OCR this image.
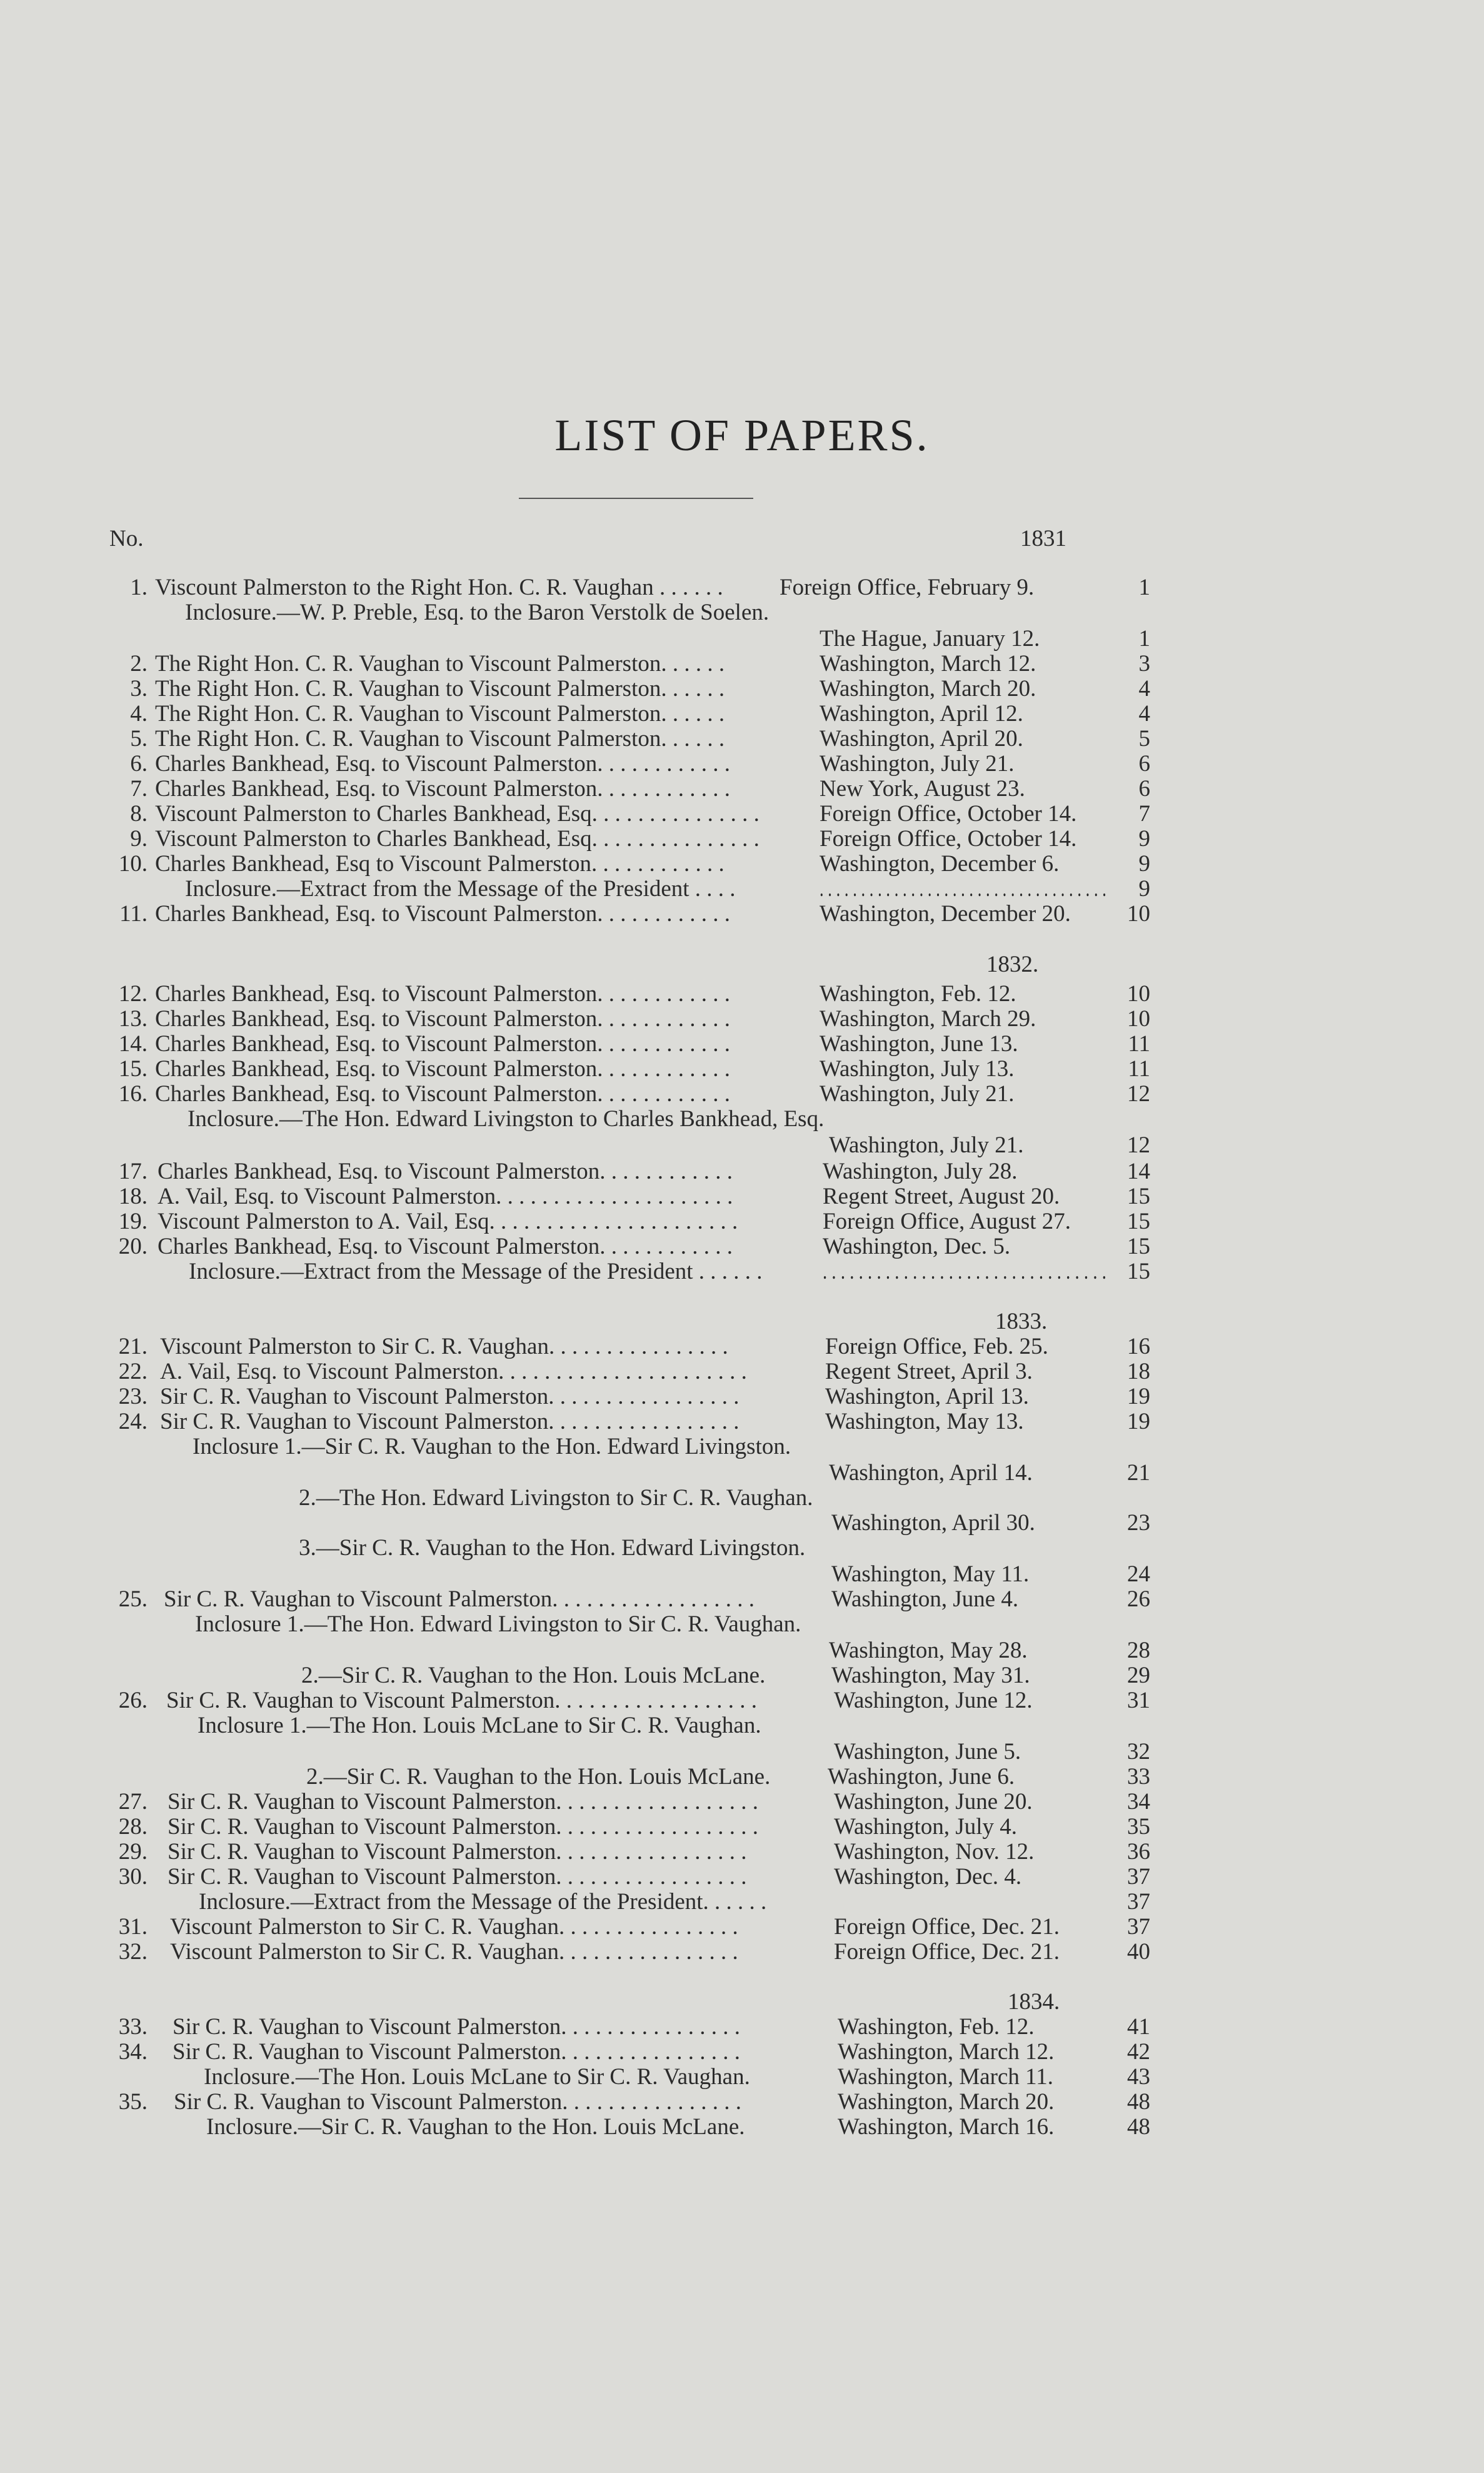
LIST OF PAPERS.
No.	1831
1. Viscount Palmerston to the Right Hon. C. R. Vaughan . . . . . . Foreign Office, February 9.	1
Inclosure.—W. P. Preble, Esq. to the Baron Verstolk de Soelen.
The Hague, January 12.	1
2. The Right Hon. C. R. Vaughan to Viscount Palmerston. . . . . .	Washington, March 12.	3
3. The Right Hon. C. R. Vaughan to Viscount Palmerston. . . . . .	Washington, March 20.	4
4. The Right Hon. C. R. Vaughan to Viscount Palmerston. . . . . .	Washington, April 12.	4
5. The Right Hon. C. R. Vaughan to Viscount Palmerston. . . . . .	Washington, April 20.	5
6. Charles Bankhead, Esq. to Viscount Palmerston. . . . . . . . . . . .	Washington, July 21.	6
7. Charles Bankhead, Esq. to Viscount Palmerston. . . . . . . . . . . .	New York, August 23.	6
8. Viscount Palmerston to Charles Bankhead, Esq. . . . . . . . . . . . . . .	Foreign Office, October 14.	7
9. Viscount Palmerston to Charles Bankhead, Esq. . . . . . . . . . . . . . .	Foreign Office, October 14.	9
10. Charles Bankhead, Esq to Viscount Palmerston. . . . . . . . . . . .	Washington, December 6.	9
Inclosure.—Extract from the Message of the President . . . .	. . . . . . . . . . . . . . . . . . . . . . . . . . . . . . . . . . .	9
11. Charles Bankhead, Esq. to Viscount Palmerston. . . . . . . . . . . .	Washington, December 20.	10
1832.
12. Charles Bankhead, Esq. to Viscount Palmerston. . . . . . . . . . . .	Washington, Feb. 12.	10
13. Charles Bankhead, Esq. to Viscount Palmerston. . . . . . . . . . . .	Washington, March 29.	10
14. Charles Bankhead, Esq. to Viscount Palmerston. . . . . . . . . . . .	Washington, June 13.	11
15. Charles Bankhead, Esq. to Viscount Palmerston. . . . . . . . . . . .	Washington, July 13.	11
16. Charles Bankhead, Esq. to Viscount Palmerston. . . . . . . . . . . .	Washington, July 21.	12
Inclosure.—The Hon. Edward Livingston to Charles Bankhead, Esq.
Washington, July 21.	12
17. Charles Bankhead, Esq. to Viscount Palmerston. . . . . . . . . . . .	Washington, July 28.	14
18. A. Vail, Esq. to Viscount Palmerston. . . . . . . . . . . . . . . . . . . . .	Regent Street, August 20.	15
19. Viscount Palmerston to A. Vail, Esq. . . . . . . . . . . . . . . . . . . . . .	Foreign Office, August 27.	15
20. Charles Bankhead, Esq. to Viscount Palmerston. . . . . . . . . . . .	Washington, Dec. 5.	15
Inclosure.—Extract from the Message of the President . . . . . .	. . . . . . . . . . . . . . . . . . . . . . . . . . . . . . . . 15
1833.
21. Viscount Palmerston to Sir C. R. Vaughan. . . . . . . . . . . . . . . .	Foreign Office, Feb. 25.	16
22. A. Vail, Esq. to Viscount Palmerston. . . . . . . . . . . . . . . . . . . . . .	Regent Street, April 3.	18
23. Sir C. R. Vaughan to Viscount Palmerston. . . . . . . . . . . . . . . . .	Washington, April 13.	19
24. Sir C. R. Vaughan to Viscount Palmerston. . . . . . . . . . . . . . . . .	Washington, May 13.	19
Inclosure 1.—Sir C. R. Vaughan to the Hon. Edward Livingston.
Washington, April 14.	21
2.—The Hon. Edward Livingston to Sir C. R. Vaughan.
Washington, April 30.	23
3.—Sir C. R. Vaughan to the Hon. Edward Livingston.
Washington, May 11.	24
25. Sir C. R. Vaughan to Viscount Palmerston. . . . . . . . . . . . . . . . . .	Washington, June 4.	26
Inclosure 1.—The Hon. Edward Livingston to Sir C. R. Vaughan.
Washington, May 28.	28
2.—Sir C. R. Vaughan to the Hon. Louis McLane.	Washington, May 31.	29
26. Sir C. R. Vaughan to Viscount Palmerston. . . . . . . . . . . . . . . . . .	Washington, June 12.	31
Inclosure 1.—The Hon. Louis McLane to Sir C. R. Vaughan.
Washington, June 5.	32
2.—Sir C. R. Vaughan to the Hon. Louis McLane. Washington, June 6.	33
27. Sir C. R. Vaughan to Viscount Palmerston. . . . . . . . . . . . . . . . . .	Washington, June 20.	34
28. Sir C. R. Vaughan to Viscount Palmerston. . . . . . . . . . . . . . . . . .	Washington, July 4.	35
29. Sir C. R. Vaughan to Viscount Palmerston. . . . . . . . . . . . . . . . .	Washington, Nov. 12.	36
30. Sir C. R. Vaughan to Viscount Palmerston. . . . . . . . . . . . . . . . .	Washington, Dec. 4.	37
Inclosure.—Extract from the Message of the President. . . . . .	37
31. Viscount Palmerston to Sir C. R. Vaughan. . . . . . . . . . . . . . . .	Foreign Office, Dec. 21.	37
32. Viscount Palmerston to Sir C. R. Vaughan. . . . . . . . . . . . . . . .	Foreign Office, Dec. 21.	40
1834.
33. Sir C. R. Vaughan to Viscount Palmerston. . . . . . . . . . . . . . . .	Washington, Feb. 12.	41
34. Sir C. R. Vaughan to Viscount Palmerston. . . . . . . . . . . . . . . .	Washington, March 12.	42
Inclosure.—The Hon. Louis McLane to Sir C. R. Vaughan.	Washington, March 11.	43
35. Sir C. R. Vaughan to Viscount Palmerston. . . . . . . . . . . . . . . .	Washington, March 20.	48
Inclosure.—Sir C. R. Vaughan to the Hon. Louis McLane.	Washington, March 16.	48
